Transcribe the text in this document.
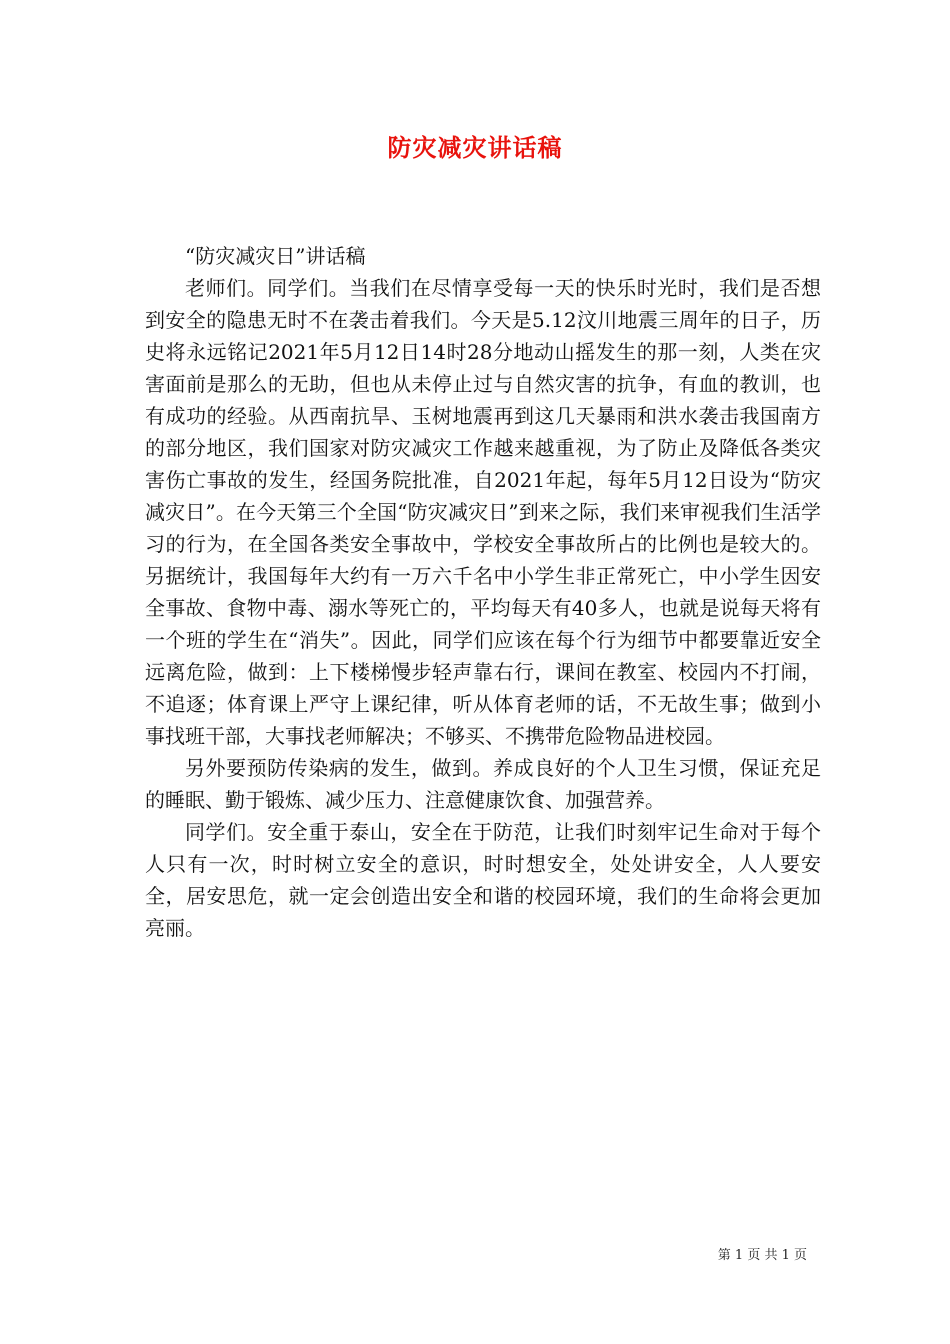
防灾减灾讲话稿

“防灾减灾日”讲话稿

老师们。同学们。当我们在尽情享受每一天的快乐时光时，我们是否想到安全的隐患无时不在袭击着我们。今天是5.12汶川地震三周年的日子，历史将永远铭记2021年5月12日14时28分地动山摇发生的那一刻，人类在灾害面前是那么的无助，但也从未停止过与自然灾害的抗争，有血的教训，也有成功的经验。从西南抗旱、玉树地震再到这几天暴雨和洪水袭击我国南方的部分地区，我们国家对防灾减灾工作越来越重视，为了防止及降低各类灾害伤亡事故的发生，经国务院批准，自2021年起，每年5月12日设为“防灾减灾日”。在今天第三个全国“防灾减灾日”到来之际，我们来审视我们生活学习的行为，在全国各类安全事故中，学校安全事故所占的比例也是较大的。另据统计，我国每年大约有一万六千名中小学生非正常死亡，中小学生因安全事故、食物中毒、溺水等死亡的，平均每天有40多人，也就是说每天将有一个班的学生在“消失”。因此，同学们应该在每个行为细节中都要靠近安全远离危险，做到：上下楼梯慢步轻声靠右行，课间在教室、校园内不打闹，不追逐；体育课上严守上课纪律，听从体育老师的话，不无故生事；做到小事找班干部，大事找老师解决；不够买、不携带危险物品进校园。

另外要预防传染病的发生，做到。养成良好的个人卫生习惯，保证充足的睡眠、勤于锻炼、减少压力、注意健康饮食、加强营养。

同学们。安全重于泰山，安全在于防范，让我们时刻牢记生命对于每个人只有一次，时时树立安全的意识，时时想安全，处处讲安全，人人要安全，居安思危，就一定会创造出安全和谐的校园环境，我们的生命将会更加亮丽。

第 1 页 共 1 页
